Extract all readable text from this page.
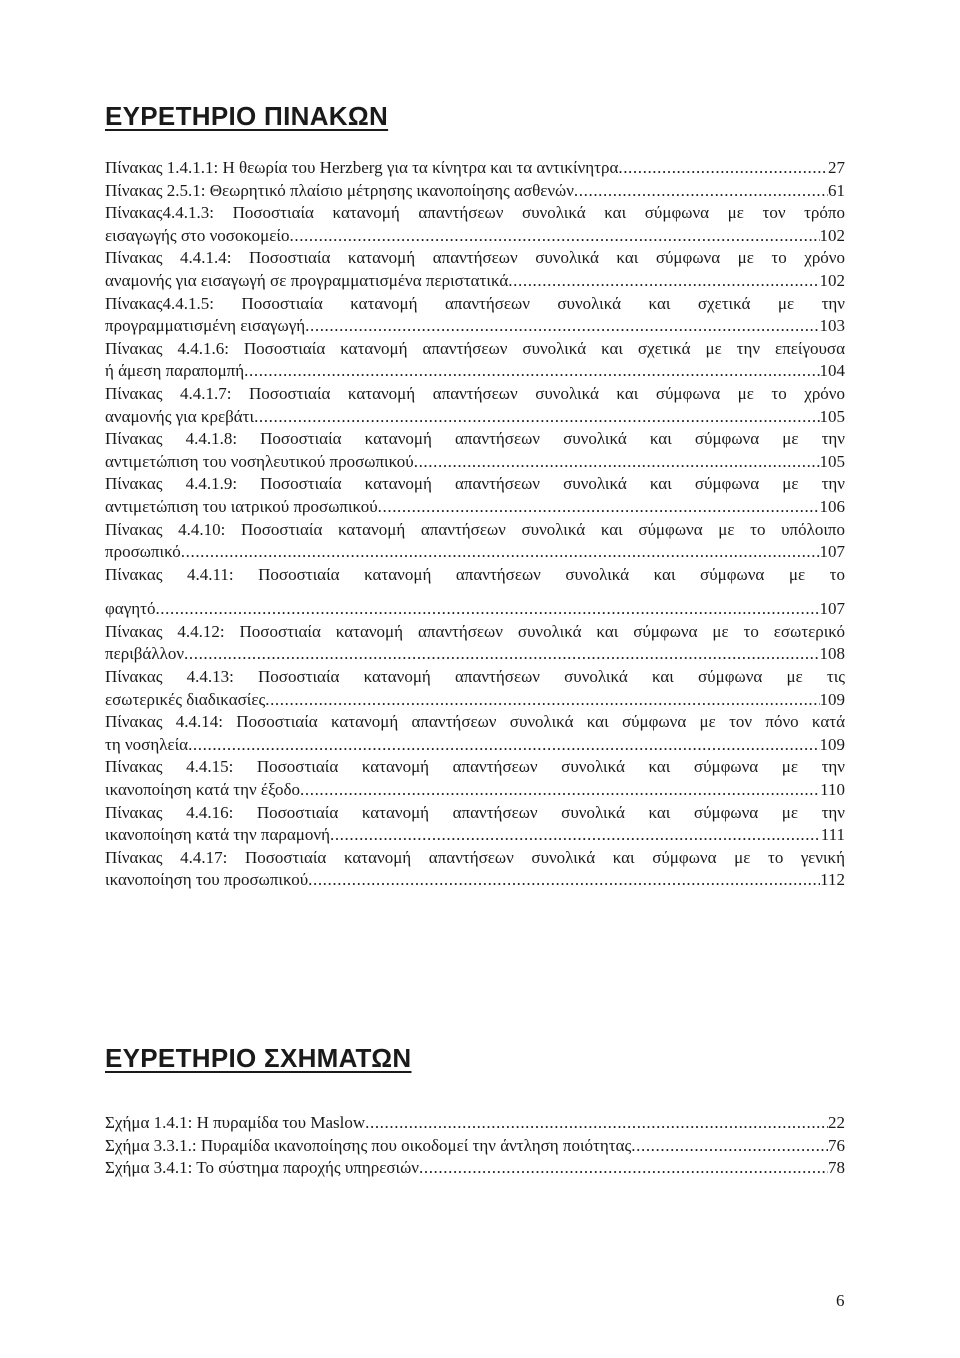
ΕΥΡΕΤΗΡΙΟ ΠΙΝΑΚΩΝ
Πίνακας 1.4.1.1: Η θεωρία του Herzberg για τα κίνητρα και τα αντικίνητρα .....	27
Πίνακας 2.5.1: Θεωρητικό πλαίσιο μέτρησης ικανοποίησης ασθενών .....	61
Πίνακας4.4.1.3: Ποσοστιαία κατανομή απαντήσεων συνολικά και σύμφωνα με τον τρόπο
εισαγωγής στο νοσοκομείο .....	102
Πίνακας 4.4.1.4: Ποσοστιαία κατανομή απαντήσεων συνολικά και σύμφωνα με το χρόνο
αναμονής για εισαγωγή σε προγραμματισμένα περιστατικά .....	102
Πίνακας4.4.1.5: Ποσοστιαία κατανομή απαντήσεων συνολικά και σχετικά με την
προγραμματισμένη εισαγωγή .....	103
Πίνακας 4.4.1.6: Ποσοστιαία κατανομή απαντήσεων συνολικά και σχετικά με την επείγουσα
ή άμεση παραπομπή .....	104
Πίνακας 4.4.1.7: Ποσοστιαία κατανομή απαντήσεων συνολικά και σύμφωνα με το χρόνο
αναμονής για κρεβάτι .....	105
Πίνακας 4.4.1.8: Ποσοστιαία κατανομή απαντήσεων συνολικά και σύμφωνα με την
αντιμετώπιση του νοσηλευτικού προσωπικού .....	105
Πίνακας 4.4.1.9: Ποσοστιαία κατανομή απαντήσεων συνολικά και σύμφωνα με την
αντιμετώπιση του ιατρικού προσωπικού .....	106
Πίνακας 4.4.10: Ποσοστιαία κατανομή απαντήσεων συνολικά και σύμφωνα με το υπόλοιπο
προσωπικό .....	107
Πίνακας 4.4.11: Ποσοστιαία κατανομή απαντήσεων συνολικά και σύμφωνα με το
φαγητό .....	107
Πίνακας 4.4.12: Ποσοστιαία κατανομή απαντήσεων συνολικά και σύμφωνα με το εσωτερικό
περιβάλλον .....	108
Πίνακας 4.4.13: Ποσοστιαία κατανομή απαντήσεων συνολικά και σύμφωνα με τις
εσωτερικές διαδικασίες .....	109
Πίνακας 4.4.14: Ποσοστιαία κατανομή απαντήσεων συνολικά και σύμφωνα με τον πόνο κατά
τη νοσηλεία .....	109
Πίνακας 4.4.15: Ποσοστιαία κατανομή απαντήσεων συνολικά και σύμφωνα με την
ικανοποίηση κατά την έξοδο .....	110
Πίνακας 4.4.16: Ποσοστιαία κατανομή απαντήσεων συνολικά και σύμφωνα με την
ικανοποίηση κατά την παραμονή .....	111
Πίνακας 4.4.17: Ποσοστιαία κατανομή απαντήσεων συνολικά και σύμφωνα με το γενική
ικανοποίηση του προσωπικού .....	112
ΕΥΡΕΤΗΡΙΟ ΣΧΗΜΑΤΩΝ
Σχήμα 1.4.1: Η πυραμίδα του Maslow .....	22
Σχήμα 3.3.1.: Πυραμίδα ικανοποίησης που οικοδομεί την άντληση ποιότητας .....	76
Σχήμα 3.4.1: Το σύστημα παροχής υπηρεσιών .....	78
6
